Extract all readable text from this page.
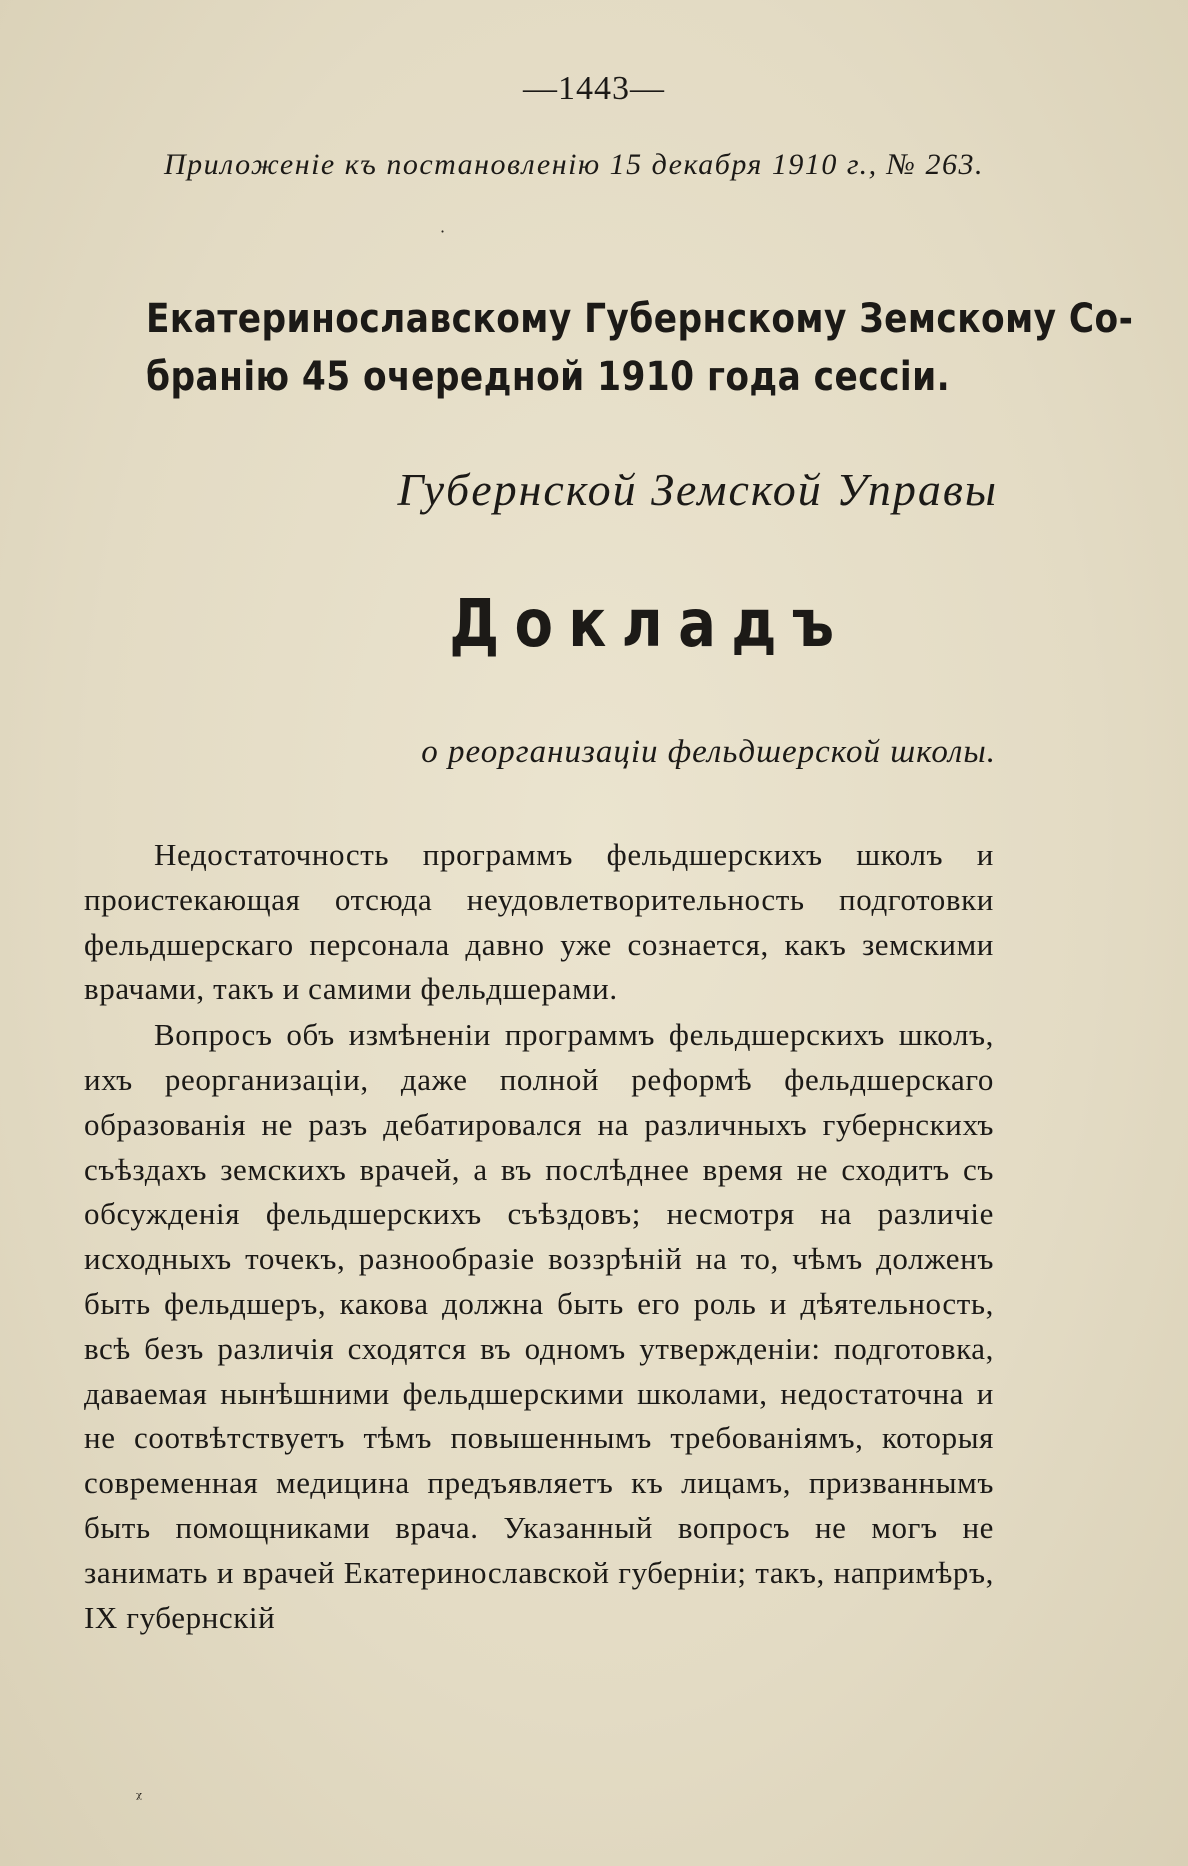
—1443—
Приложеніе къ постановленію 15 декабря 1910 г., № 263.
Екатеринославскому Губернскому Земскому Со-
бранію 45 очередной 1910 года сессіи.
Губернской Земской Управы
Докладъ
о реорганизаціи фельдшерской школы.

Недостаточность программъ фельдшерскихъ школъ и проистекающая отсюда неудовлетворительность подготовки фельдшерскаго персонала давно уже сознается, какъ земскими врачами, такъ и самими фельдшерами.

Вопросъ объ измѣненіи программъ фельдшерскихъ школъ, ихъ реорганизаціи, даже полной реформѣ фельдшерскаго образованія не разъ дебатировался на различныхъ губернскихъ съѣздахъ земскихъ врачей, а въ послѣднее время не сходитъ съ обсужденія фельдшерскихъ съѣздовъ; несмотря на различіе исходныхъ точекъ, разнообразіе воззрѣній на то, чѣмъ долженъ быть фельдшеръ, какова должна быть его роль и дѣятельность, всѣ безъ различія сходятся въ одномъ утвержденіи: подготовка, даваемая нынѣшними фельдшерскими школами, недостаточна и не соотвѣтствуетъ тѣмъ повышеннымъ требованіямъ, которыя современная медицина предъявляетъ къ лицамъ, призваннымъ быть помощниками врача. Указанный вопросъ не могъ не занимать и врачей Екатеринославской губерніи; такъ, напримѣръ, IX губернскій

·
ᵡ
